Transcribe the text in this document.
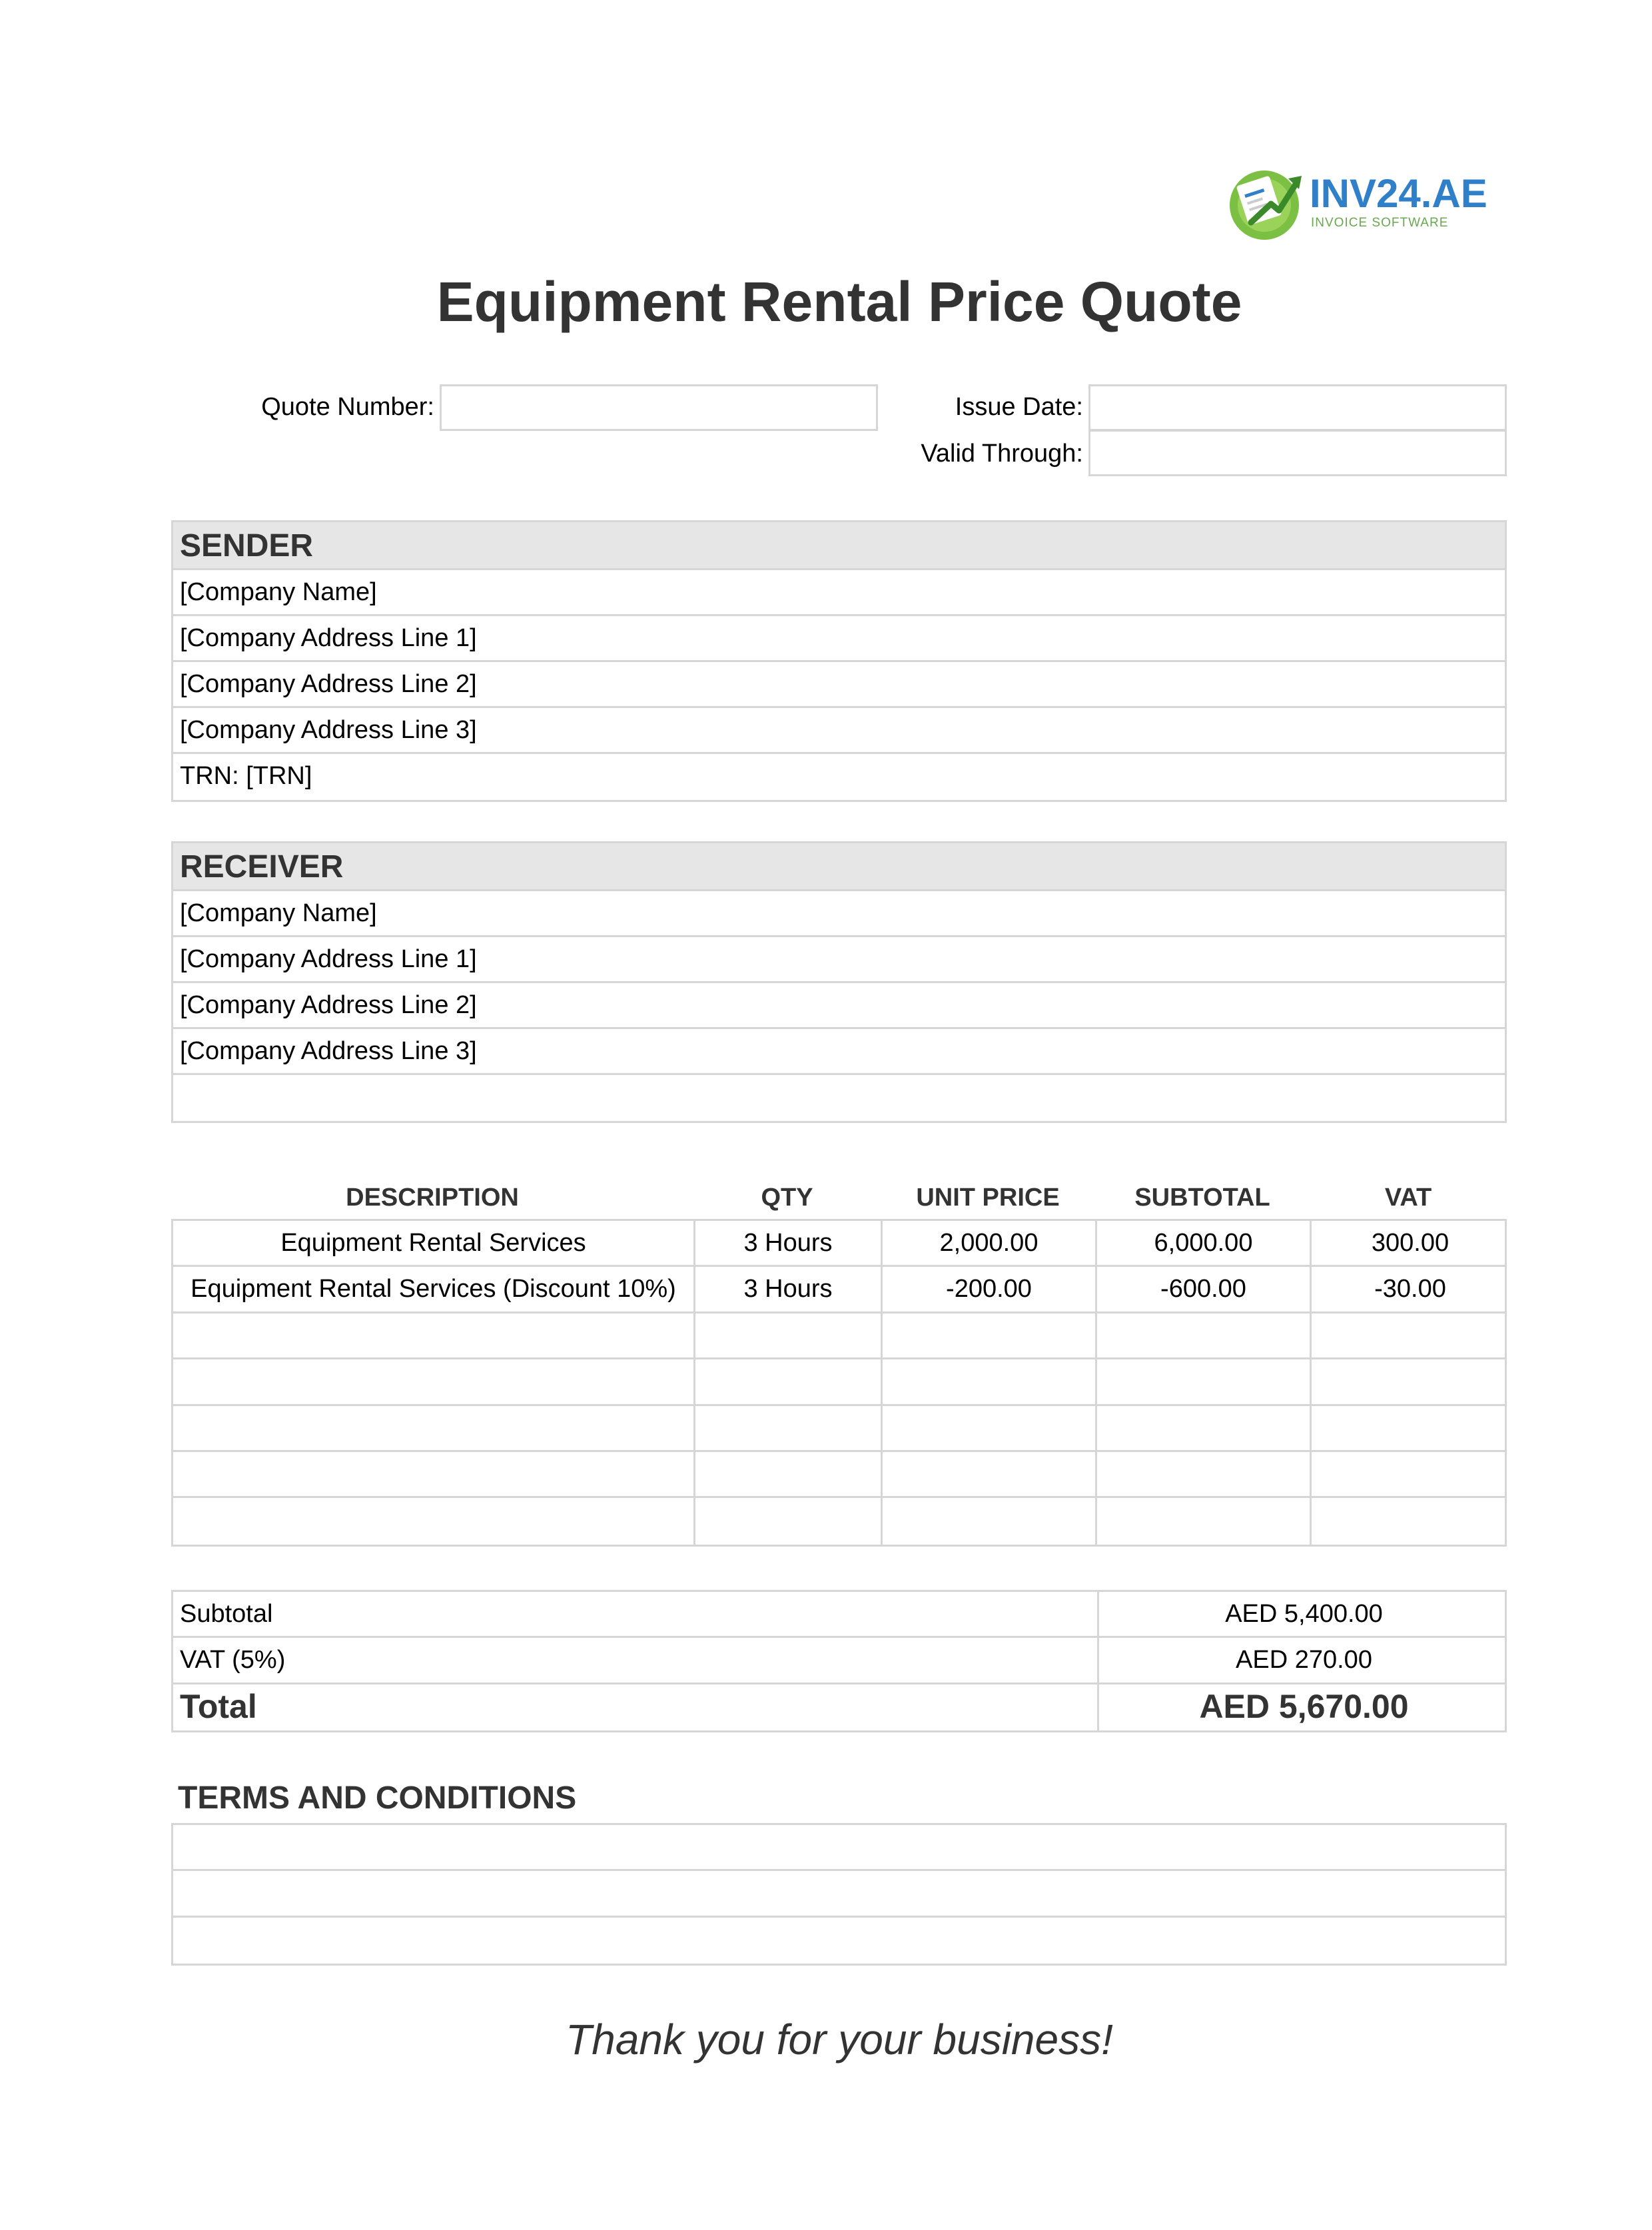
INV24.AE
INVOICE SOFTWARE
Equipment Rental Price Quote
Quote Number:	Issue Date:
Valid Through:
SENDER
[Company Name]
[Company Address Line 1]
[Company Address Line 2]
[Company Address Line 3]
TRN: [TRN]
RECEIVER
[Company Name]
[Company Address Line 1]
[Company Address Line 2]
[Company Address Line 3]
DESCRIPTION	QTY	UNIT PRICE	SUBTOTAL	VAT
Equipment Rental Services	3 Hours	2,000.00	6,000.00	300.00
Equipment Rental Services (Discount 10%)	3 Hours	-200.00	-600.00	-30.00
Subtotal	AED 5,400.00
VAT (5%)	AED 270.00
Total	AED 5,670.00
TERMS AND CONDITIONS
Thank you for your business!
